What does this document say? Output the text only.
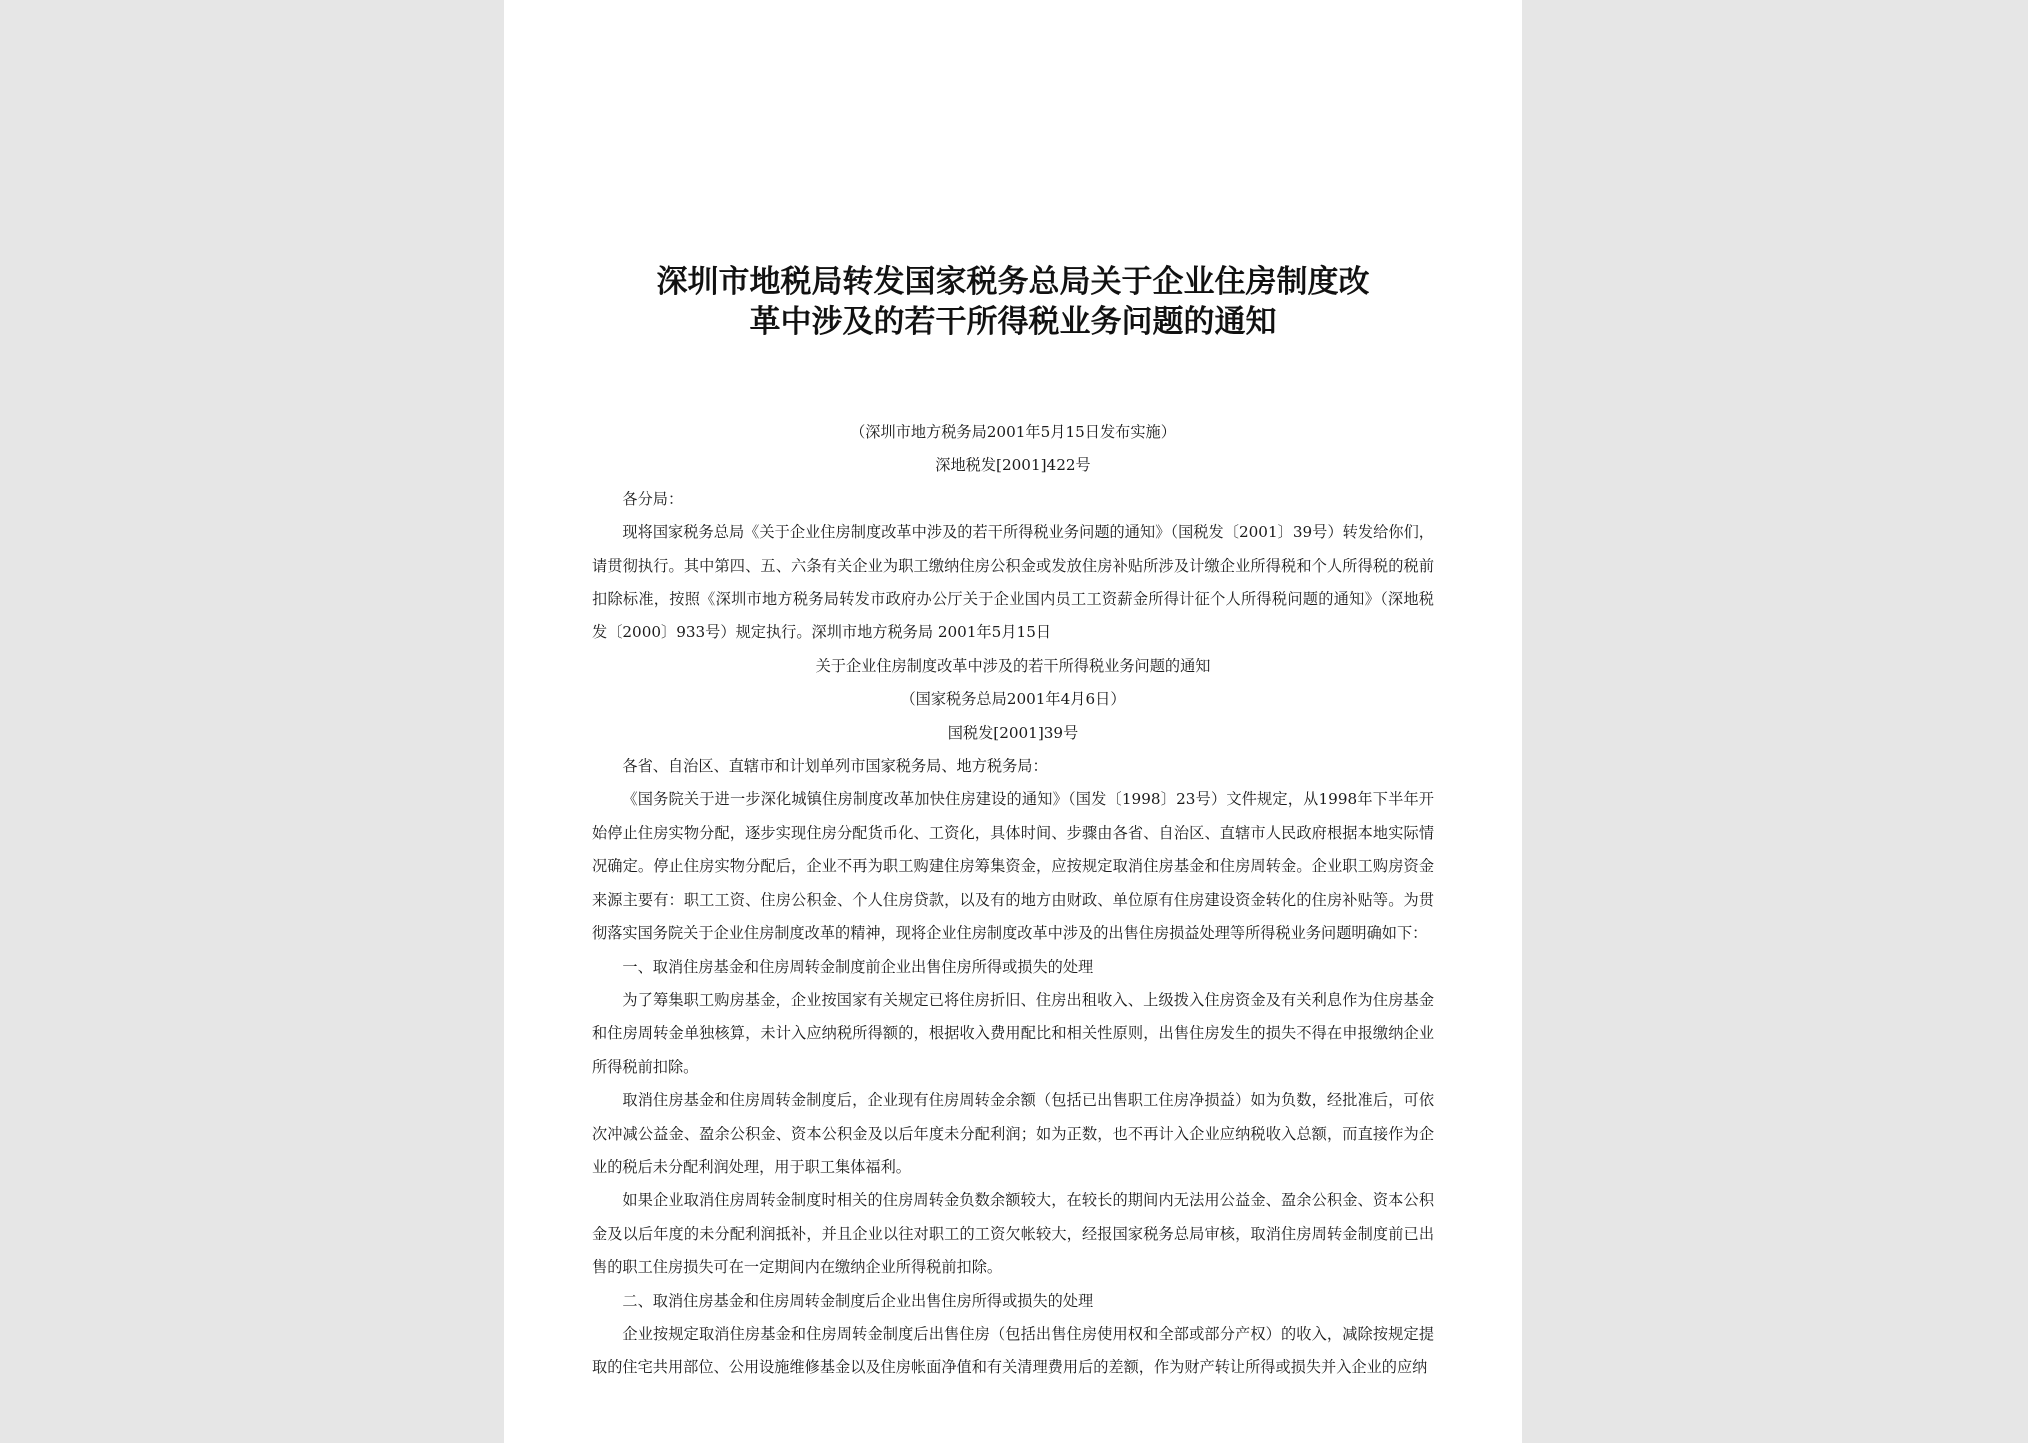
深圳市地税局转发国家税务总局关于企业住房制度改
革中涉及的若干所得税业务问题的通知

（深圳市地方税务局2001年5月15日发布实施）

深地税发[2001]422号

各分局：

现将国家税务总局《关于企业住房制度改革中涉及的若干所得税业务问题的通知》（国税发〔2001〕39号）转发给你们，请贯彻执行。其中第四、五、六条有关企业为职工缴纳住房公积金或发放住房补贴所涉及计缴企业所得税和个人所得税的税前扣除标准，按照《深圳市地方税务局转发市政府办公厅关于企业国内员工工资薪金所得计征个人所得税问题的通知》（深地税发〔2000〕933号）规定执行。深圳市地方税务局 2001年5月15日

关于企业住房制度改革中涉及的若干所得税业务问题的通知

（国家税务总局2001年4月6日）

国税发[2001]39号

各省、自治区、直辖市和计划单列市国家税务局、地方税务局：

《国务院关于进一步深化城镇住房制度改革加快住房建设的通知》（国发〔1998〕23号）文件规定，从1998年下半年开始停止住房实物分配，逐步实现住房分配货币化、工资化，具体时间、步骤由各省、自治区、直辖市人民政府根据本地实际情况确定。停止住房实物分配后，企业不再为职工购建住房筹集资金，应按规定取消住房基金和住房周转金。企业职工购房资金来源主要有：职工工资、住房公积金、个人住房贷款，以及有的地方由财政、单位原有住房建设资金转化的住房补贴等。为贯彻落实国务院关于企业住房制度改革的精神，现将企业住房制度改革中涉及的出售住房损益处理等所得税业务问题明确如下：

一、取消住房基金和住房周转金制度前企业出售住房所得或损失的处理

为了筹集职工购房基金，企业按国家有关规定已将住房折旧、住房出租收入、上级拨入住房资金及有关利息作为住房基金和住房周转金单独核算，未计入应纳税所得额的，根据收入费用配比和相关性原则，出售住房发生的损失不得在申报缴纳企业所得税前扣除。

取消住房基金和住房周转金制度后，企业现有住房周转金余额（包括已出售职工住房净损益）如为负数，经批准后，可依次冲减公益金、盈余公积金、资本公积金及以后年度未分配利润；如为正数，也不再计入企业应纳税收入总额，而直接作为企业的税后未分配利润处理，用于职工集体福利。

如果企业取消住房周转金制度时相关的住房周转金负数余额较大，在较长的期间内无法用公益金、盈余公积金、资本公积金及以后年度的未分配利润抵补，并且企业以往对职工的工资欠帐较大，经报国家税务总局审核，取消住房周转金制度前已出售的职工住房损失可在一定期间内在缴纳企业所得税前扣除。

二、取消住房基金和住房周转金制度后企业出售住房所得或损失的处理

企业按规定取消住房基金和住房周转金制度后出售住房（包括出售住房使用权和全部或部分产权）的收入，减除按规定提取的住宅共用部位、公用设施维修基金以及住房帐面净值和有关清理费用后的差额，作为财产转让所得或损失并入企业的应纳
